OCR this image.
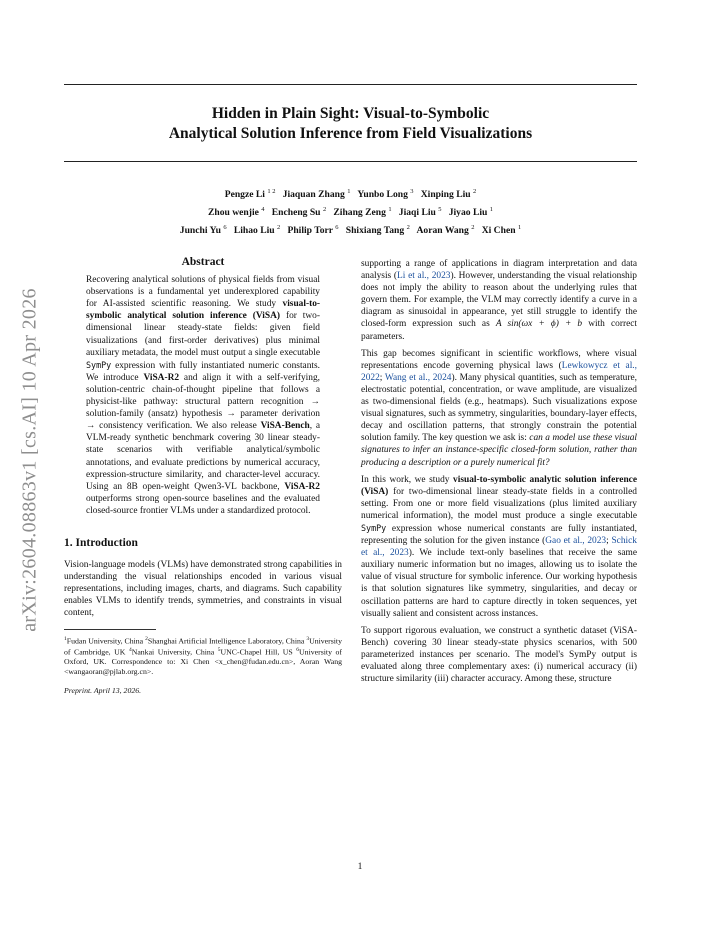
Hidden in Plain Sight: Visual-to-Symbolic
Analytical Solution Inference from Field Visualizations
Pengze Li $^{1 2}$ Jiaquan Zhang $^1$ Yunbo Long $^3$ Xinping Liu $^2$
Zhou wenjie $^4$ Encheng Su $^2$ Zihang Zeng $^1$ Jiaqi Liu $^5$ Jiyao Liu $^1$
Junchi Yu $^6$ Lihao Liu $^2$ Philip Torr $^6$ Shixiang Tang $^2$ Aoran Wang $^2$ Xi Chen $^1$
arXiv:2604.08863v1 [cs.AI] 10 Apr 2026
Abstract
Recovering analytical solutions of physical fields from visual observations is a fundamental yet underexplored capability for AI-assisted scientific reasoning. We study visual-to-symbolic analytical solution inference (ViSA) for two-dimensional linear steady-state fields: given field visualizations (and first-order derivatives) plus minimal auxiliary metadata, the model must output a single executable SymPy expression with fully instantiated numeric constants. We introduce ViSA-R2 and align it with a self-verifying, solution-centric chain-of-thought pipeline that follows a physicist-like pathway: structural pattern recognition → solution-family (ansatz) hypothesis → parameter derivation → consistency verification. We also release ViSA-Bench, a VLM-ready synthetic benchmark covering 30 linear steady-state scenarios with verifiable analytical/symbolic annotations, and evaluate predictions by numerical accuracy, expression-structure similarity, and character-level accuracy. Using an 8B open-weight Qwen3-VL backbone, ViSA-R2 outperforms strong open-source baselines and the evaluated closed-source frontier VLMs under a standardized protocol.
1. Introduction

Vision-language models (VLMs) have demonstrated strong capabilities in understanding the visual relationships encoded in various visual representations, including images, charts, and diagrams. Such capability enables VLMs to identify trends, symmetries, and constraints in visual content,

$^1$Fudan University, China $^2$Shanghai Artificial Intelligence Laboratory, China $^3$University of Cambridge, UK $^4$Nankai University, China $^5$UNC-Chapel Hill, US $^6$University of Oxford, UK. Correspondence to: Xi Chen <x_chen@fudan.edu.cn>, Aoran Wang <wangaoran@pjlab.org.cn>.
Preprint. April 13, 2026.

supporting a range of applications in diagram interpretation and data analysis (Li et al., 2023). However, understanding the visual relationship does not imply the ability to reason about the underlying rules that govern them. For example, the VLM may correctly identify a curve in a diagram as sinusoidal in appearance, yet still struggle to identify the closed-form expression such as A sin(ωx + ϕ) + b with correct parameters.

This gap becomes significant in scientific workflows, where visual representations encode governing physical laws (Lewkowycz et al., 2022; Wang et al., 2024). Many physical quantities, such as temperature, electrostatic potential, concentration, or wave amplitude, are visualized as two-dimensional fields (e.g., heatmaps). Such visualizations expose visual signatures, such as symmetry, singularities, boundary-layer effects, decay and oscillation patterns, that strongly constrain the potential solution family. The key question we ask is: can a model use these visual signatures to infer an instance-specific closed-form solution, rather than producing a description or a purely numerical fit?

In this work, we study visual-to-symbolic analytic solution inference (ViSA) for two-dimensional linear steady-state fields in a controlled setting. From one or more field visualizations (plus limited auxiliary numerical information), the model must produce a single executable SymPy expression whose numerical constants are fully instantiated, representing the solution for the given instance (Gao et al., 2023; Schick et al., 2023). We include text-only baselines that receive the same auxiliary numeric information but no images, allowing us to isolate the value of visual structure for symbolic inference. Our working hypothesis is that solution signatures like symmetry, singularities, and decay or oscillation patterns are hard to capture directly in token sequences, yet visually salient and consistent across instances.

To support rigorous evaluation, we construct a synthetic dataset (ViSA-Bench) covering 30 linear steady-state physics scenarios, with 500 parameterized instances per scenario. The model's SymPy output is evaluated along three complementary axes: (i) numerical accuracy (ii) structure similarity (iii) character accuracy. Among these, structure

1
